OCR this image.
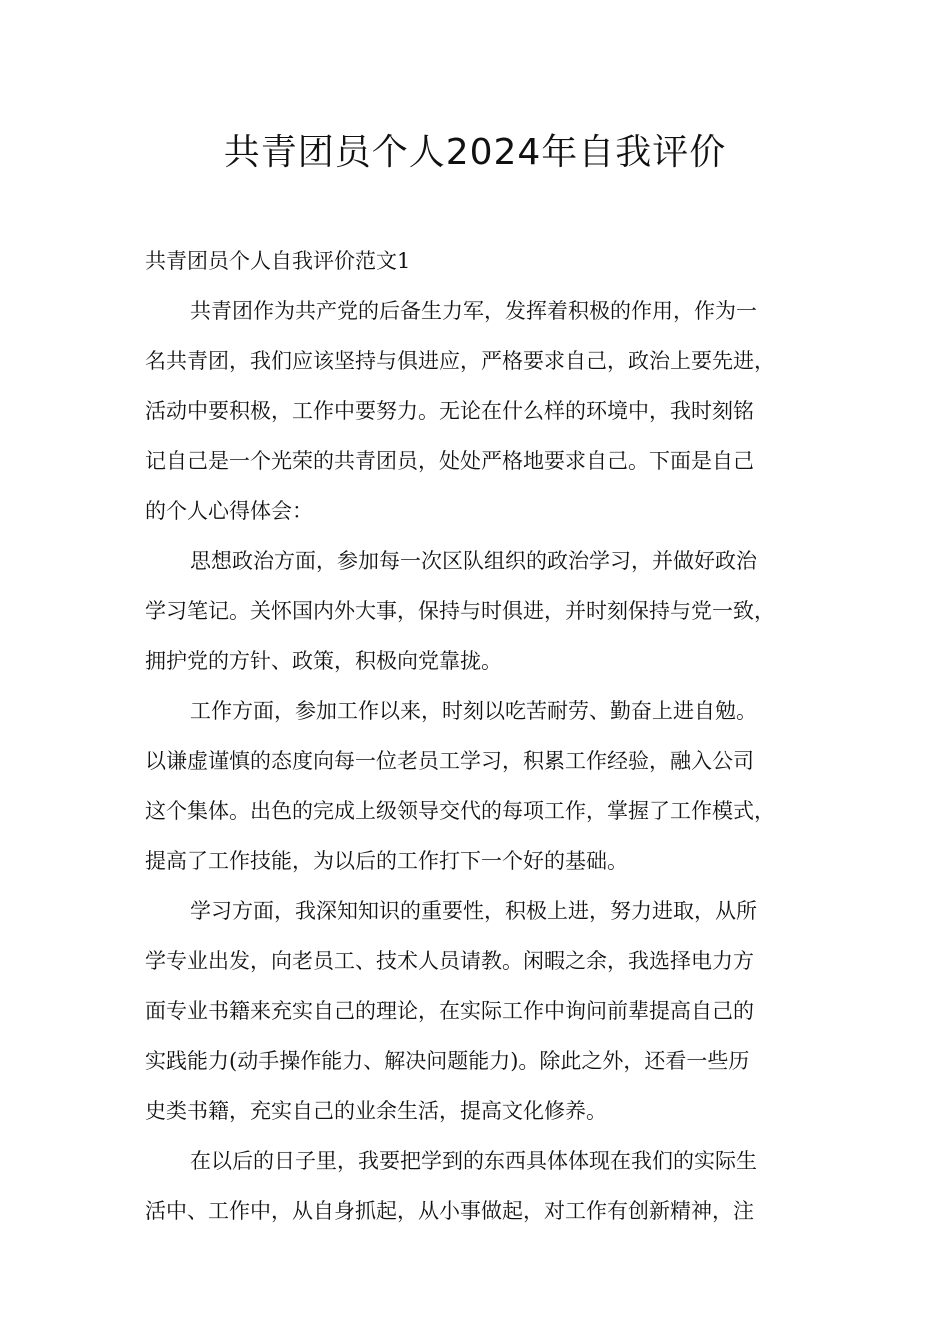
共青团员个人2024年自我评价

共青团员个人自我评价范文1

共青团作为共产党的后备生力军，发挥着积极的作用，作为一
名共青团，我们应该坚持与俱进应，严格要求自己，政治上要先进，
活动中要积极，工作中要努力。无论在什么样的环境中，我时刻铭
记自己是一个光荣的共青团员，处处严格地要求自己。下面是自己
的个人心得体会：

思想政治方面，参加每一次区队组织的政治学习，并做好政治
学习笔记。关怀国内外大事，保持与时俱进，并时刻保持与党一致，
拥护党的方针、政策，积极向党靠拢。

工作方面，参加工作以来，时刻以吃苦耐劳、勤奋上进自勉。
以谦虚谨慎的态度向每一位老员工学习，积累工作经验，融入公司
这个集体。出色的完成上级领导交代的每项工作，掌握了工作模式，
提高了工作技能，为以后的工作打下一个好的基础。

学习方面，我深知知识的重要性，积极上进，努力进取，从所
学专业出发，向老员工、技术人员请教。闲暇之余，我选择电力方
面专业书籍来充实自己的理论，在实际工作中询问前辈提高自己的
实践能力(动手操作能力、解决问题能力)。除此之外，还看一些历
史类书籍，充实自己的业余生活，提高文化修养。

在以后的日子里，我要把学到的东西具体体现在我们的实际生
活中、工作中，从自身抓起，从小事做起，对工作有创新精神，注
